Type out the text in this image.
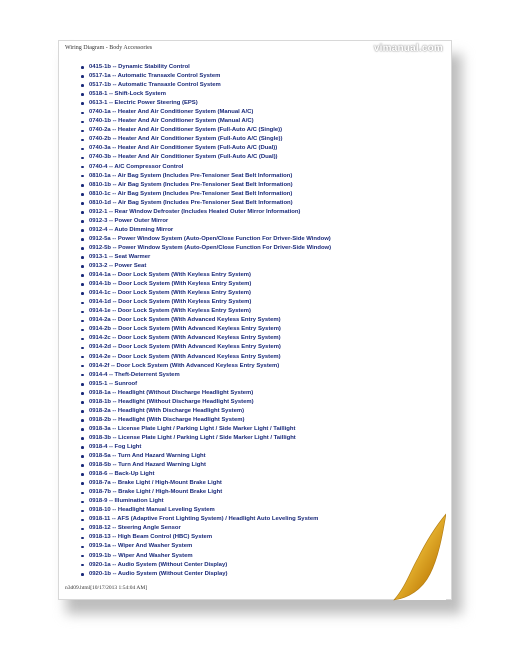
Wiring Diagram - Body Accessories	vimanual.com
0415-1b -- Dynamic Stability Control
0517-1a -- Automatic Transaxle Control System
0517-1b -- Automatic Transaxle Control System
0518-1 -- Shift-Lock System
0613-1 -- Electric Power Steering (EPS)
0740-1a -- Heater And Air Conditioner System (Manual A/C)
0740-1b -- Heater And Air Conditioner System (Manual A/C)
0740-2a -- Heater And Air Conditioner System (Full-Auto A/C (Single))
0740-2b -- Heater And Air Conditioner System (Full-Auto A/C (Single))
0740-3a -- Heater And Air Conditioner System (Full-Auto A/C (Dual))
0740-3b -- Heater And Air Conditioner System (Full-Auto A/C (Dual))
0740-4 -- A/C Compressor Control
0810-1a -- Air Bag System (Includes Pre-Tensioner Seat Belt Information)
0810-1b -- Air Bag System (Includes Pre-Tensioner Seat Belt Information)
0810-1c -- Air Bag System (Includes Pre-Tensioner Seat Belt Information)
0810-1d -- Air Bag System (Includes Pre-Tensioner Seat Belt Information)
0912-1 -- Rear Window Defroster (Includes Heated Outer Mirror Information)
0912-3 -- Power Outer Mirror
0912-4 -- Auto Dimming Mirror
0912-5a -- Power Window System (Auto-Open/Close Function For Driver-Side Window)
0912-5b -- Power Window System (Auto-Open/Close Function For Driver-Side Window)
0913-1 -- Seat Warmer
0913-2 -- Power Seat
0914-1a -- Door Lock System (With Keyless Entry System)
0914-1b -- Door Lock System (With Keyless Entry System)
0914-1c -- Door Lock System (With Keyless Entry System)
0914-1d -- Door Lock System (With Keyless Entry System)
0914-1e -- Door Lock System (With Keyless Entry System)
0914-2a -- Door Lock System (With Advanced Keyless Entry System)
0914-2b -- Door Lock System (With Advanced Keyless Entry System)
0914-2c -- Door Lock System (With Advanced Keyless Entry System)
0914-2d -- Door Lock System (With Advanced Keyless Entry System)
0914-2e -- Door Lock System (With Advanced Keyless Entry System)
0914-2f -- Door Lock System (With Advanced Keyless Entry System)
0914-4 -- Theft-Deterrent System
0915-1 -- Sunroof
0918-1a -- Headlight (Without Discharge Headlight System)
0918-1b -- Headlight (Without Discharge Headlight System)
0918-2a -- Headlight (With Discharge Headlight System)
0918-2b -- Headlight (With Discharge Headlight System)
0918-3a -- License Plate Light / Parking Light / Side Marker Light / Taillight
0918-3b -- License Plate Light / Parking Light / Side Marker Light / Taillight
0918-4 -- Fog Light
0918-5a -- Turn And Hazard Warning Light
0918-5b -- Turn And Hazard Warning Light
0918-6 -- Back-Up Light
0918-7a -- Brake Light / High-Mount Brake Light
0918-7b -- Brake Light / High-Mount Brake Light
0918-9 -- Illumination Light
0918-10 -- Headlight Manual Leveling System
0918-11 -- AFS (Adaptive Front Lighting System) / Headlight Auto Leveling System
0918-12 -- Steering Angle Sensor
0918-13 -- High Beam Control (HBC) System
0919-1a -- Wiper And Washer System
0919-1b -- Wiper And Washer System
0920-1a -- Audio System (Without Center Display)
0920-1b -- Audio System (Without Center Display)
n3d09.html[10/17/2013 1:54:04 AM]
